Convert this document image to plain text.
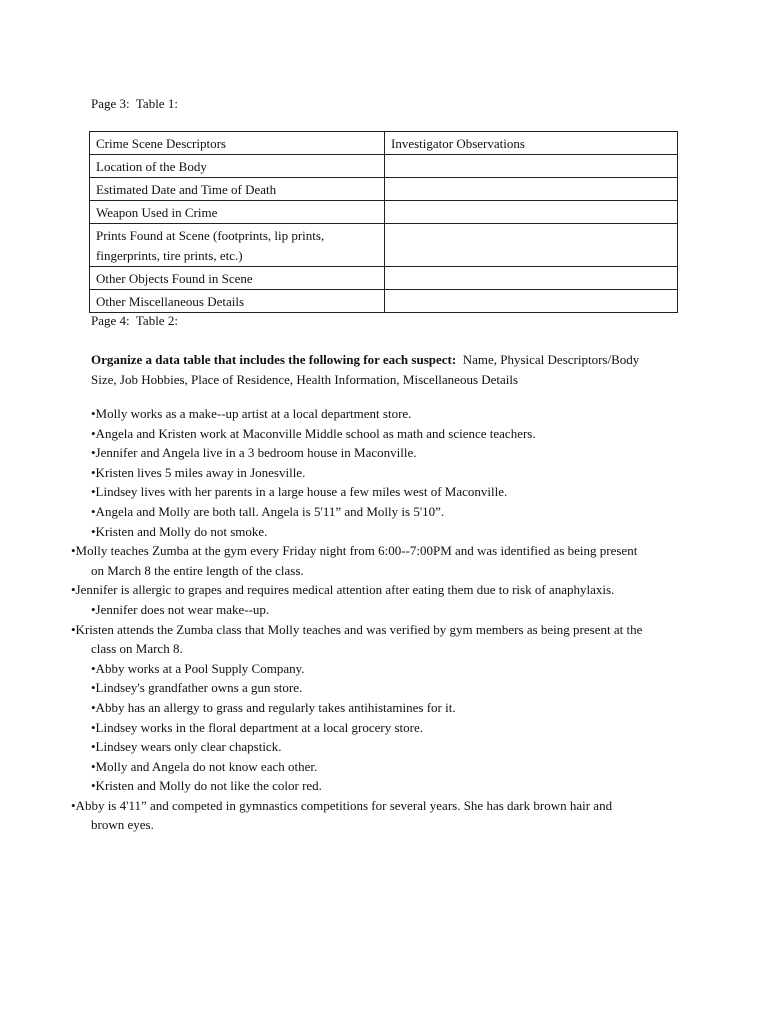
Page 3:  Table 1:
Crime Scene Descriptors	Investigator Observations
Location of the Body	
Estimated Date and Time of Death	
Weapon Used in Crime	
Prints Found at Scene (footprints, lip prints,
fingerprints, tire prints, etc.)	
Other Objects Found in Scene	
Other Miscellaneous Details	
Page 4:  Table 2:
Organize a data table that includes the following for each suspect:  Name, Physical Descriptors/Body
Size, Job Hobbies, Place of Residence, Health Information, Miscellaneous Details
•Molly works as a make--up artist at a local department store.
•Angela and Kristen work at Maconville Middle school as math and science teachers.
•Jennifer and Angela live in a 3 bedroom house in Maconville.
•Kristen lives 5 miles away in Jonesville.
•Lindsey lives with her parents in a large house a few miles west of Maconville.
•Angela and Molly are both tall. Angela is 5'11” and Molly is 5'10”.
•Kristen and Molly do not smoke.
•Molly teaches Zumba at the gym every Friday night from 6:00--7:00PM and was identified as being present
on March 8 the entire length of the class.
•Jennifer is allergic to grapes and requires medical attention after eating them due to risk of anaphylaxis.
•Jennifer does not wear make--up.
•Kristen attends the Zumba class that Molly teaches and was verified by gym members as being present at the
class on March 8.
•Abby works at a Pool Supply Company.
•Lindsey's grandfather owns a gun store.
•Abby has an allergy to grass and regularly takes antihistamines for it.
•Lindsey works in the floral department at a local grocery store.
•Lindsey wears only clear chapstick.
•Molly and Angela do not know each other.
•Kristen and Molly do not like the color red.
•Abby is 4'11” and competed in gymnastics competitions for several years. She has dark brown hair and
brown eyes.
